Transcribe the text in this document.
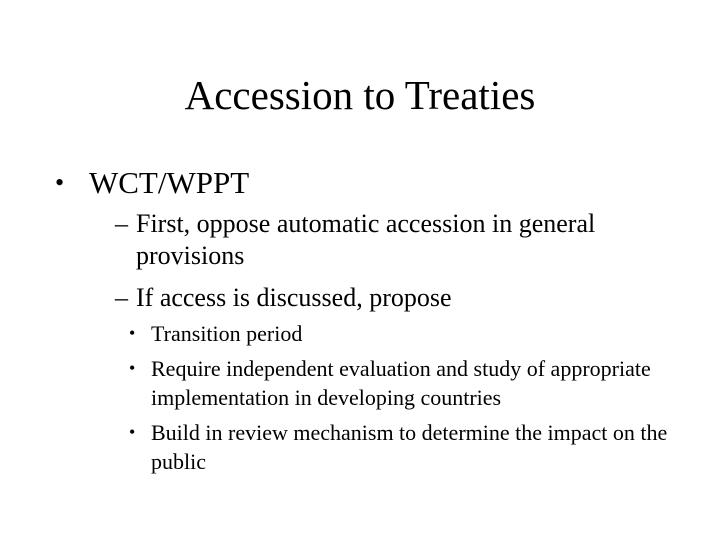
Accession to Treaties
• WCT/WPPT
– First, oppose automatic accession in general provisions
– If access is discussed, propose
• Transition period
• Require independent evaluation and study of appropriate implementation in developing countries
• Build in review mechanism to determine the impact on the public
